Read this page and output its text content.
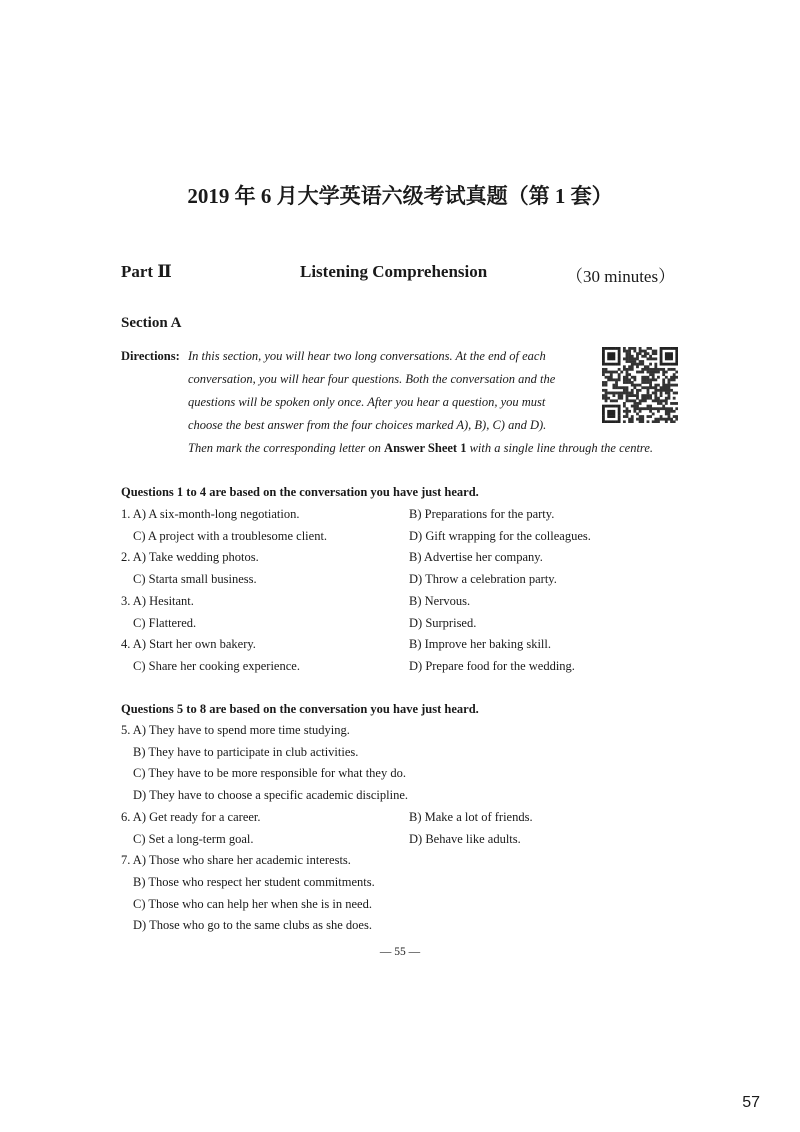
2019 年 6 月大学英语六级考试真题（第 1 套）
Part Ⅱ	Listening Comprehension	（30 minutes）
Section A
Directions: In this section, you will hear two long conversations. At the end of each
conversation, you will hear four questions. Both the conversation and the
questions will be spoken only once. After you hear a question, you must
choose the best answer from the four choices marked A), B), C) and D).
Then mark the corresponding letter on Answer Sheet 1 with a single line through the centre.
Questions 1 to 4 are based on the conversation you have just heard.
1. A) A six-month-long negotiation.	B) Preparations for the party.
C) A project with a troublesome client.	D) Gift wrapping for the colleagues.
2. A) Take wedding photos.	B) Advertise her company.
C) Starta small business.	D) Throw a celebration party.
3. A) Hesitant.	B) Nervous.
C) Flattered.	D) Surprised.
4. A) Start her own bakery.	B) Improve her baking skill.
C) Share her cooking experience.	D) Prepare food for the wedding.
Questions 5 to 8 are based on the conversation you have just heard.
5. A) They have to spend more time studying.
B) They have to participate in club activities.
C) They have to be more responsible for what they do.
D) They have to choose a specific academic discipline.
6. A) Get ready for a career.	B) Make a lot of friends.
C) Set a long-term goal.	D) Behave like adults.
7. A) Those who share her academic interests.
B) Those who respect her student commitments.
C) Those who can help her when she is in need.
D) Those who go to the same clubs as she does.
— 55 —
57
